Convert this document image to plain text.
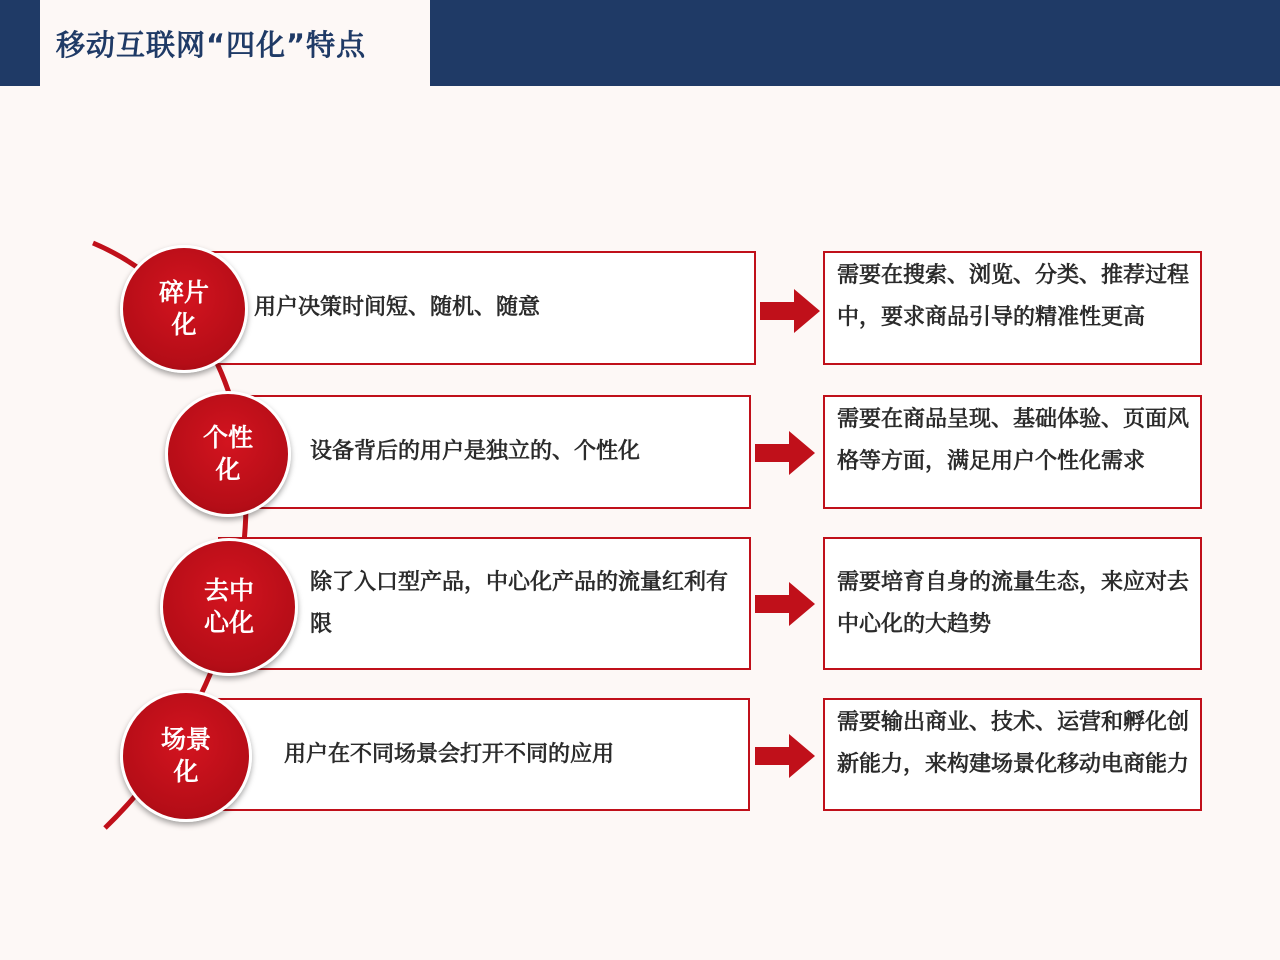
移动互联网“四化”特点
用户决策时间短、随机、随意
碎片
化
需要在搜索、浏览、分类、推荐过程中，要求商品引导的精准性更高
设备背后的用户是独立的、个性化
个性
化
需要在商品呈现、基础体验、页面风格等方面，满足用户个性化需求
除了入口型产品，中心化产品的流量红利有限
去中
心化
需要培育自身的流量生态，来应对去中心化的大趋势
用户在不同场景会打开不同的应用
场景
化
需要输出商业、技术、运营和孵化创新能力，来构建场景化移动电商能力
